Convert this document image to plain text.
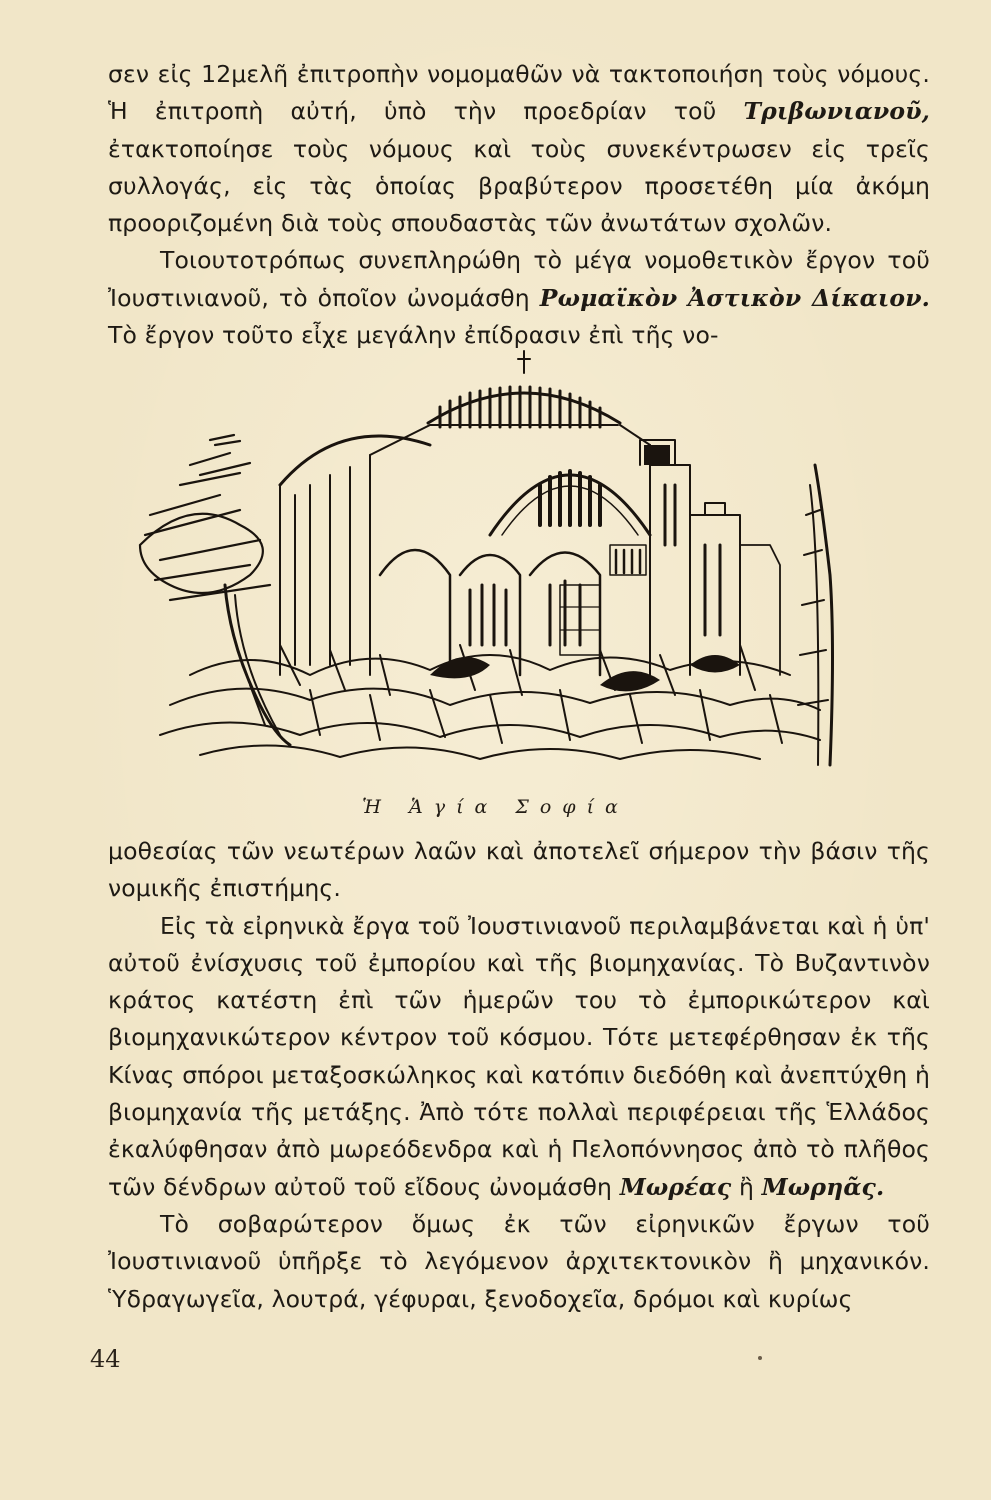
σεν εἰς 12μελῆ ἐπιτροπὴν νομομαθῶν νὰ τακτοποιήση τοὺς νόμους. Ἡ ἐπιτροπὴ αὐτή, ὑπὸ τὴν προεδρίαν τοῦ Τριβωνιανοῦ, ἐτακτοποίησε τοὺς νόμους καὶ τοὺς συνεκέντρωσεν εἰς τρεῖς συλλογάς, εἰς τὰς ὁποίας βραβύτερον προσετέθη μία ἀκόμη προοριζομένη διὰ τοὺς σπουδαστὰς τῶν ἀνωτάτων σχολῶν.

Τοιουτοτρόπως συνεπληρώθη τὸ μέγα νομοθετικὸν ἔργον τοῦ Ἰουστινιανοῦ, τὸ ὁποῖον ὠνομάσθη Ρωμαϊκὸν Ἀστικὸν Δίκαιον. Τὸ ἔργον τοῦτο εἶχε μεγάλην ἐπίδρασιν ἐπὶ τῆς νο-

Ἡ Ἁγία Σοφία

μοθεσίας τῶν νεωτέρων λαῶν καὶ ἀποτελεῖ σήμερον τὴν βάσιν τῆς νομικῆς ἐπιστήμης.

Εἰς τὰ εἰρηνικὰ ἔργα τοῦ Ἰουστινιανοῦ περιλαμβάνεται καὶ ἡ ὑπ' αὐτοῦ ἐνίσχυσις τοῦ ἐμπορίου καὶ τῆς βιομηχανίας. Τὸ Βυζαντινὸν κράτος κατέστη ἐπὶ τῶν ἡμερῶν του τὸ ἐμπορικώτερον καὶ βιομηχανικώτερον κέντρον τοῦ κόσμου. Τότε μετεφέρθησαν ἐκ τῆς Κίνας σπόροι μεταξοσκώληκος καὶ κατόπιν διεδόθη καὶ ἀνεπτύχθη ἡ βιομηχανία τῆς μετάξης. Ἀπὸ τότε πολλαὶ περιφέρειαι τῆς Ἑλλάδος ἐκαλύφθησαν ἀπὸ μωρεόδενδρα καὶ ἡ Πελοπόννησος ἀπὸ τὸ πλῆθος τῶν δένδρων αὐτοῦ τοῦ εἴδους ὠνομάσθη Μωρέας ἢ Μωρηᾶς.

Τὸ σοβαρώτερον ὅμως ἐκ τῶν εἰρηνικῶν ἔργων τοῦ Ἰουστινιανοῦ ὑπῆρξε τὸ λεγόμενον ἀρχιτεκτονικὸν ἢ μηχανικόν. Ὑδραγωγεῖα, λουτρά, γέφυραι, ξενοδοχεῖα, δρόμοι καὶ κυρίως

44
